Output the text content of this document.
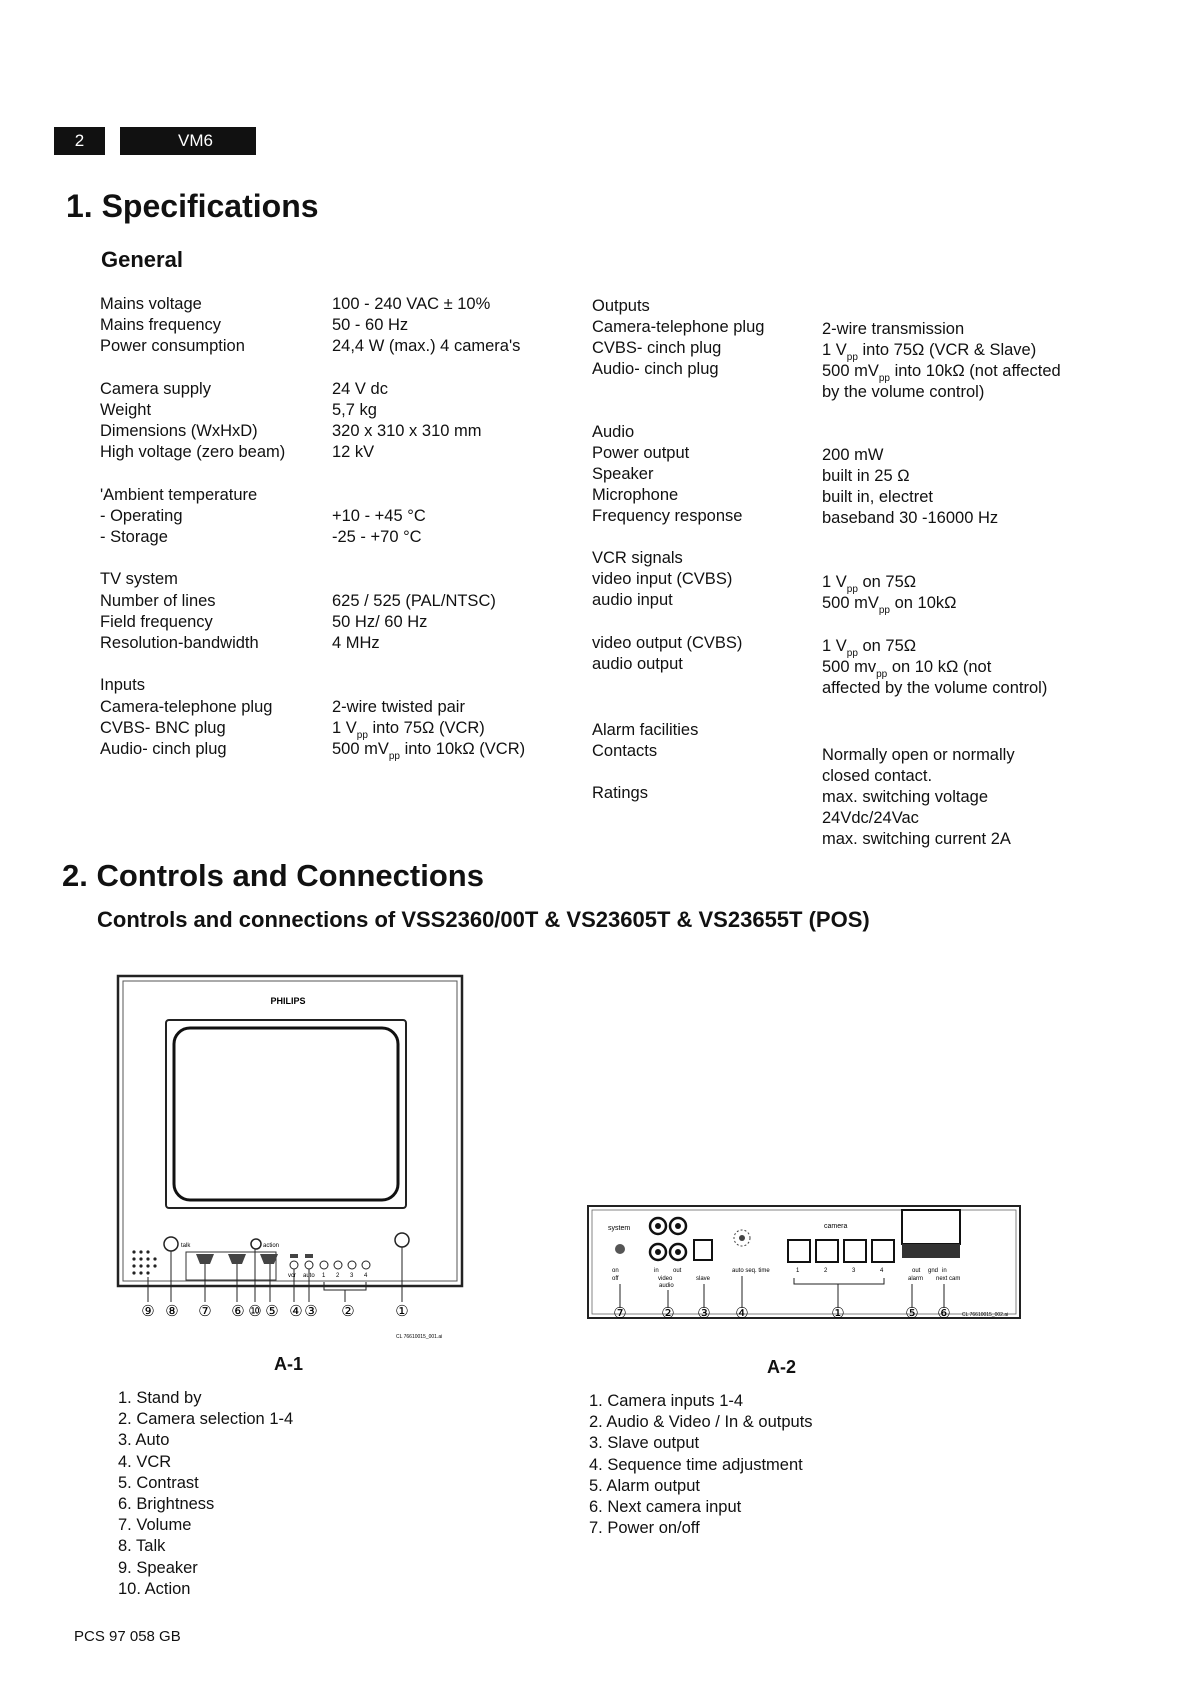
2	VM6
1. Specifications
General
Mains voltage	100 - 240 VAC ± 10%
Mains frequency	50 - 60 Hz
Power consumption	24,4 W (max.) 4 camera's
Camera supply	24 V dc
Weight	5,7 kg
Dimensions (WxHxD)	320 x 310 x 310 mm
High voltage (zero beam)	12 kV
'Ambient temperature
- Operating	+10 - +45 °C
- Storage	-25 - +70 °C
TV system
Number of lines	625 / 525 (PAL/NTSC)
Field frequency	50 Hz/ 60 Hz
Resolution-bandwidth	4 MHz
Inputs
Camera-telephone plug	2-wire twisted pair
CVBS- BNC plug	1 $V_{pp}$ into 75Ω (VCR)
Audio- cinch plug	500 $mV_{pp}$ into 10kΩ (VCR)
Outputs
Camera-telephone plug	2-wire transmission
CVBS- cinch plug	1 $V_{pp}$ into 75Ω (VCR & Slave)
Audio- cinch plug	500 $mV_{pp}$ into 10kΩ (not affected
by the volume control)
Audio
Power output	200 mW
Speaker	built in 25 Ω
Microphone	built in, electret
Frequency response	baseband 30 -16000 Hz
VCR signals
video input (CVBS)	1 $V_{pp}$ on 75Ω
audio input	500 $mV_{pp}$ on 10kΩ
video output (CVBS)	1 $V_{pp}$ on 75Ω
audio output	500 $mv_{pp}$ on 10 kΩ (not
affected by the volume control)
Alarm facilities
Contacts	Normally open or normally
closed contact.
Ratings	max. switching voltage
24Vdc/24Vac
max. switching current 2A
2. Controls and Connections
Controls and connections of VSS2360/00T & VS23605T & VS23655T (POS)
PHILIPS
talk	action
vcr auto 1 2 3 4
⑨ ⑧ ⑦ ⑥ ⑩ ⑤ ④ ③ ②	①
CL 76610015_001.ai
A-1
system
on
off
in out
video
audio
slave
auto seq. time
camera
1	2	3	4	out gnd in
alarm next cam
⑦ ② ③ ④	①	⑤ ⑥ CL 76610015_002.ai
A-2
1. Stand by
2. Camera selection 1-4
3. Auto
4. VCR
5. Contrast
6. Brightness
7. Volume
8. Talk
9. Speaker
10. Action
1. Camera inputs 1-4
2. Audio & Video / In & outputs
3. Slave output
4. Sequence time adjustment
5. Alarm output
6. Next camera input
7. Power on/off
PCS 97 058 GB
